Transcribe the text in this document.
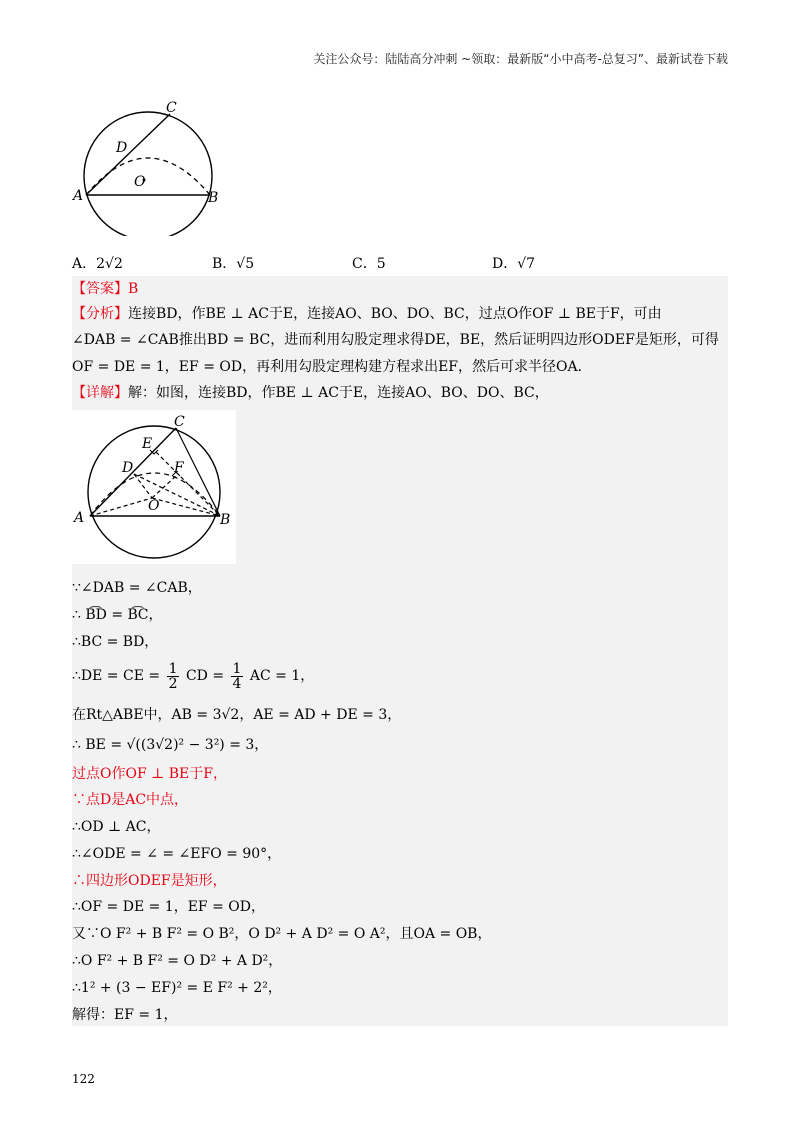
关注公众号：陆陆高分冲刺 ~领取：最新版“小中高考-总复习”、最新试卷下载
C
D
O
A	B
A．2√2	B．√5	C．5	D．√7
【答案】B
【分析】连接BD，作BE ⊥ AC于E，连接AO、BO、DO、BC，过点O作OF ⊥ BE于F，可由
∠DAB = ∠CAB推出BD = BC，进而利用勾股定理求得DE，BE，然后证明四边形ODEF是矩形，可得
OF = DE = 1，EF = OD，再利用勾股定理构建方程求出EF，然后可求半径OA．
【详解】解：如图，连接BD，作BE ⊥ AC于E，连接AO、BO、DO、BC，
C
E
D	F
O
A	B
∵∠DAB = ∠CAB，
∴ B͡D = B͡C，
∴BC = BD，
∴DE = CE = $\frac{1}{2}$ CD = $\frac{1}{4}$ AC = 1，
在Rt△ABE中，AB = 3√2，AE = AD + DE = 3，
∴ BE = √((3√2)² − 3²) = 3，
过点O作OF ⊥ BE于F，
∵点D是AC中点，
∴OD ⊥ AC，
∴∠ODE = ∠ = ∠EFO = 90°，
∴四边形ODEF是矩形，
∴OF = DE = 1，EF = OD，
又∵O F² + B F² = O B²，O D² + A D² = O A²，且OA = OB，
∴O F² + B F² = O D² + A D²，
∴1² + (3 − EF)² = E F² + 2²，
解得：EF = 1，
122
